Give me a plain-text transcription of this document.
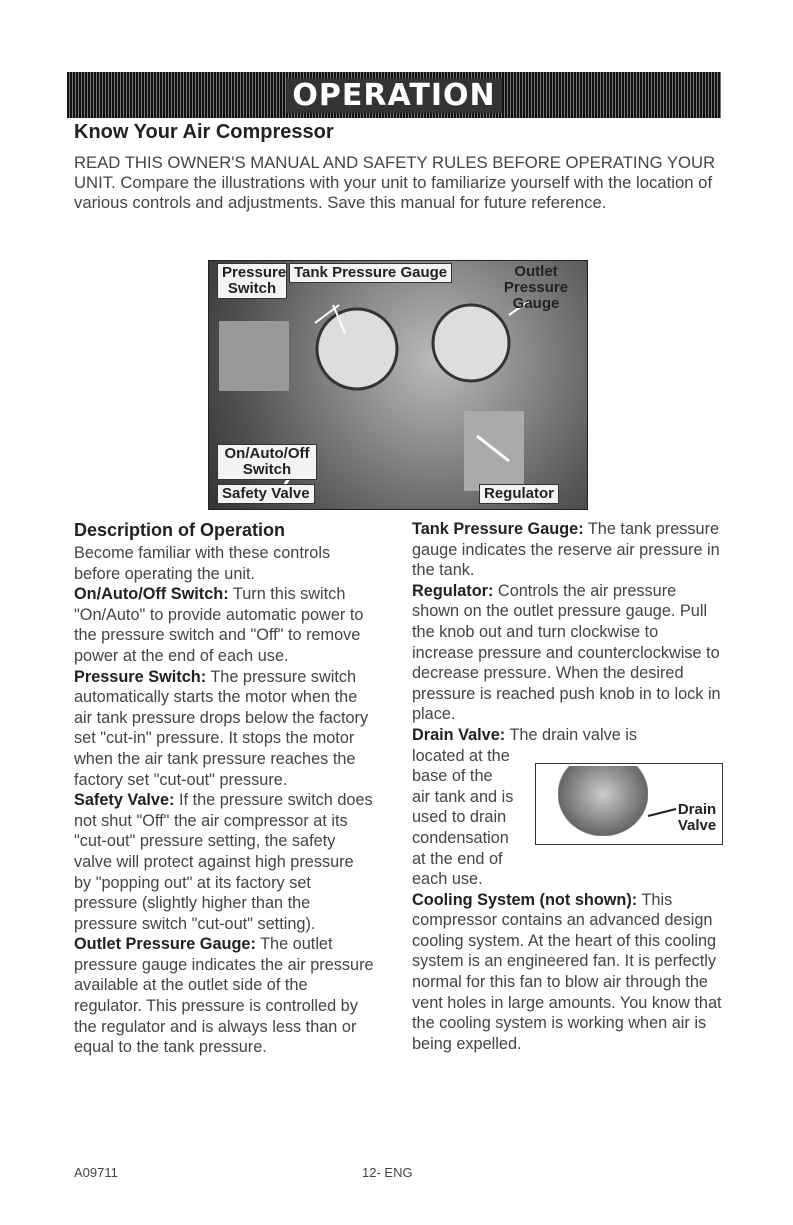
OPERATION
Know Your Air Compressor
READ THIS OWNER'S MANUAL AND SAFETY RULES BEFORE OPERATING YOUR UNIT. Compare the illustrations with your unit to familiarize yourself with the location of various controls and adjustments. Save this manual for future reference.
Pressure Switch
Tank Pressure Gauge	Outlet Pressure Gauge
On/Auto/Off Switch
Safety Valve	Regulator

Description of Operation

Become familiar with these controls before operating the unit.

On/Auto/Off Switch: Turn this switch "On/Auto" to provide automatic power to the pressure switch and "Off" to remove power at the end of each use.

Pressure Switch: The pressure switch automatically starts the motor when the air tank pressure drops below the factory set "cut-in" pressure. It stops the motor when the air tank pressure reaches the factory set "cut-out" pressure.

Safety Valve: If the pressure switch does not shut "Off" the air compressor at its "cut-out" pressure setting, the safety valve will protect against high pressure by "popping out" at its factory set pressure (slightly higher than the pressure switch "cut-out" setting).

Outlet Pressure Gauge: The outlet pressure gauge indicates the air pressure available at the outlet side of the regulator. This pressure is controlled by the regulator and is always less than or equal to the tank pressure.

Tank Pressure Gauge: The tank pressure gauge indicates the reserve air pressure in the tank.

Regulator: Controls the air pressure shown on the outlet pressure gauge. Pull the knob out and turn clockwise to increase pressure and counterclockwise to decrease pressure. When the desired pressure is reached push knob in to lock in place.

Drain Valve: The drain valve is

located at the

base of the

air tank and is

used to drain

condensation

at the end of

each use.

Cooling System (not shown): This compressor contains an advanced design cooling system. At the heart of this cooling system is an engineered fan. It is perfectly normal for this fan to blow air through the vent holes in large amounts. You know that the cooling system is working when air is being expelled.

Drain Valve
A09711	12- ENG
